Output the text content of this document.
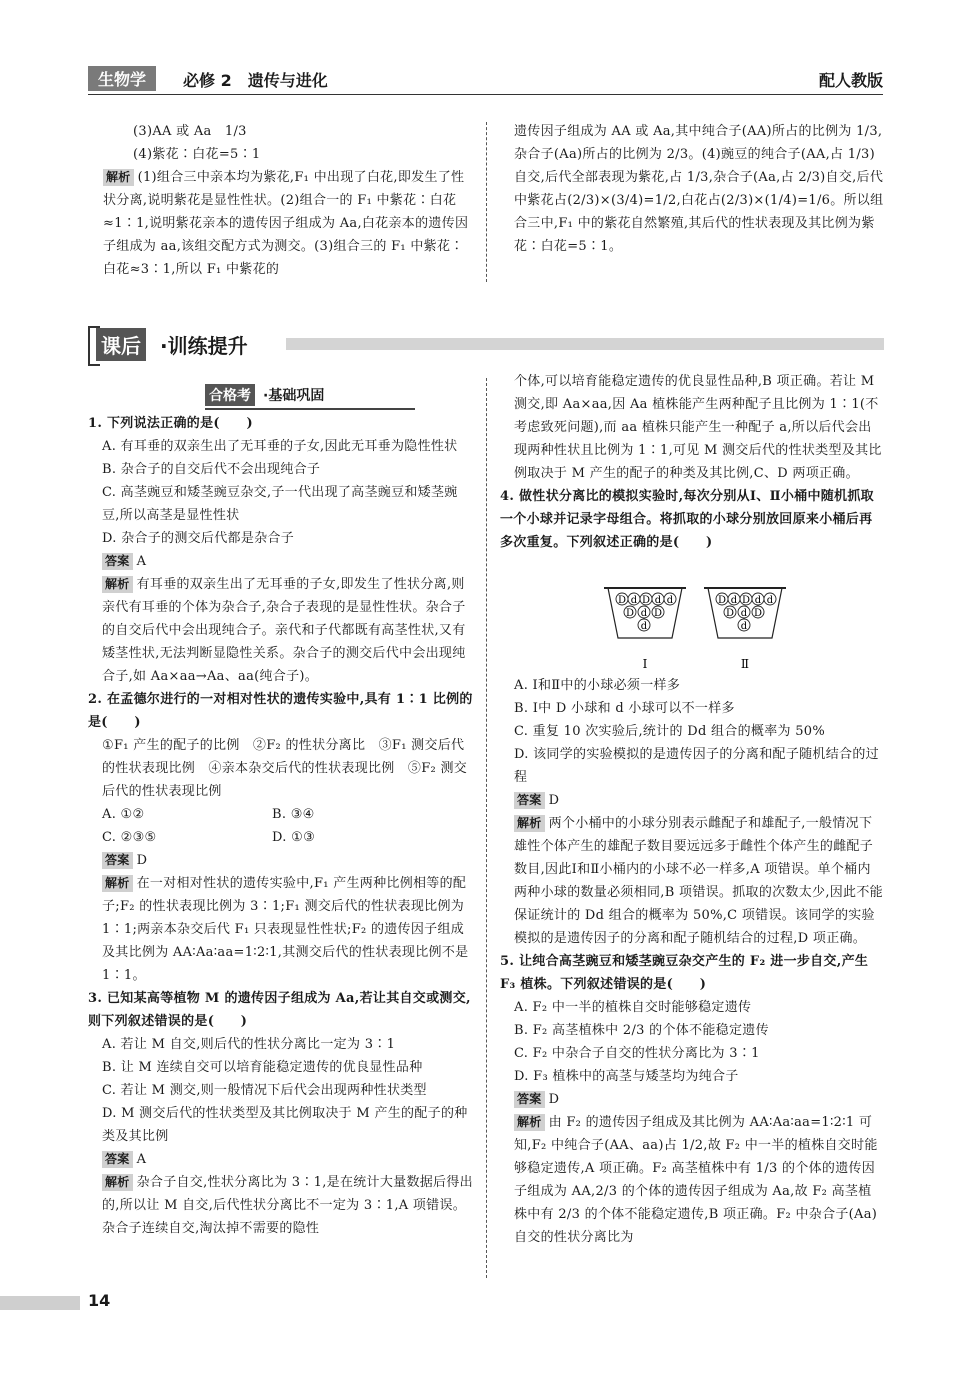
生物学	必修 2　遗传与进化	配人教版

(3)AA 或 Aa　1/3

(4)紫花∶白花=5∶1

解析 (1)组合三中亲本均为紫花,F₁ 中出现了白花,即发生了性状分离,说明紫花是显性性状。(2)组合一的 F₁ 中紫花∶白花≈1∶1,说明紫花亲本的遗传因子组成为 Aa,白花亲本的遗传因子组成为 aa,该组交配方式为测交。(3)组合三的 F₁ 中紫花∶白花≈3∶1,所以 F₁ 中紫花的

遗传因子组成为 AA 或 Aa,其中纯合子(AA)所占的比例为 1/3,杂合子(Aa)所占的比例为 2/3。(4)豌豆的纯合子(AA,占 1/3)自交,后代全部表现为紫花,占 1/3,杂合子(Aa,占 2/3)自交,后代中紫花占(2/3)×(3/4)=1/2,白花占(2/3)×(1/4)=1/6。所以组合三中,F₁ 中的紫花自然繁殖,其后代的性状表现及其比例为紫花∶白花=5∶1。

课后 ·训练提升
合格考 ·基础巩固

1. 下列说法正确的是(　　)

A. 有耳垂的双亲生出了无耳垂的子女,因此无耳垂为隐性性状

B. 杂合子的自交后代不会出现纯合子

C. 高茎豌豆和矮茎豌豆杂交,子一代出现了高茎豌豆和矮茎豌豆,所以高茎是显性性状

D. 杂合子的测交后代都是杂合子

答案 A

解析 有耳垂的双亲生出了无耳垂的子女,即发生了性状分离,则亲代有耳垂的个体为杂合子,杂合子表现的是显性性状。杂合子的自交后代中会出现纯合子。亲代和子代都既有高茎性状,又有矮茎性状,无法判断显隐性关系。杂合子的测交后代中会出现纯合子,如 Aa×aa→Aa、aa(纯合子)。

2. 在孟德尔进行的一对相对性状的遗传实验中,具有 1∶1 比例的是(　　)

①F₁ 产生的配子的比例　②F₂ 的性状分离比　③F₁ 测交后代的性状表现比例　④亲本杂交后代的性状表现比例　⑤F₂ 测交后代的性状表现比例

A. ①②	B. ③④
C. ②③⑤	D. ①③

答案 D

解析 在一对相对性状的遗传实验中,F₁ 产生两种比例相等的配子;F₂ 的性状表现比例为 3∶1;F₁ 测交后代的性状表现比例为 1∶1;两亲本杂交后代 F₁ 只表现显性性状;F₂ 的遗传因子组成及其比例为 AA∶Aa∶aa=1∶2∶1,其测交后代的性状表现比例不是 1∶1。

3. 已知某高等植物 M 的遗传因子组成为 Aa,若让其自交或测交,则下列叙述错误的是(　　)

A. 若让 M 自交,则后代的性状分离比一定为 3∶1

B. 让 M 连续自交可以培育能稳定遗传的优良显性品种

C. 若让 M 测交,则一般情况下后代会出现两种性状类型

D. M 测交后代的性状类型及其比例取决于 M 产生的配子的种类及其比例

答案 A

解析 杂合子自交,性状分离比为 3∶1,是在统计大量数据后得出的,所以让 M 自交,后代性状分离比不一定为 3∶1,A 项错误。杂合子连续自交,淘汰掉不需要的隐性

个体,可以培育能稳定遗传的优良显性品种,B 项正确。若让 M 测交,即 Aa×aa,因 Aa 植株能产生两种配子且比例为 1∶1(不考虑致死问题),而 aa 植株只能产生一种配子 a,所以后代会出现两种性状且比例为 1∶1,可见 M 测交后代的性状类型及其比例取决于 M 产生的配子的种类及其比例,C、D 两项正确。

4. 做性状分离比的模拟实验时,每次分别从Ⅰ、Ⅱ小桶中随机抓取一个小球并记录字母组合。将抓取的小球分别放回原来小桶后再多次重复。下列叙述正确的是(　　)

A. Ⅰ和Ⅱ中的小球必须一样多

B. Ⅰ中 D 小球和 d 小球可以不一样多

C. 重复 10 次实验后,统计的 Dd 组合的概率为 50%

D. 该同学的实验模拟的是遗传因子的分离和配子随机结合的过程

答案 D

解析 两个小桶中的小球分别表示雌配子和雄配子,一般情况下雄性个体产生的雄配子数目要远远多于雌性个体产生的雌配子数目,因此Ⅰ和Ⅱ小桶内的小球不必一样多,A 项错误。单个桶内两种小球的数量必须相同,B 项错误。抓取的次数太少,因此不能保证统计的 Dd 组合的概率为 50%,C 项错误。该同学的实验模拟的是遗传因子的分离和配子随机结合的过程,D 项正确。

5. 让纯合高茎豌豆和矮茎豌豆杂交产生的 F₂ 进一步自交,产生 F₃ 植株。下列叙述错误的是(　　)

A. F₂ 中一半的植株自交时能够稳定遗传

B. F₂ 高茎植株中 2/3 的个体不能稳定遗传

C. F₂ 中杂合子自交的性状分离比为 3∶1

D. F₃ 植株中的高茎与矮茎均为纯合子

答案 D

解析 由 F₂ 的遗传因子组成及其比例为 AA∶Aa∶aa=1∶2∶1 可知,F₂ 中纯合子(AA、aa)占 1/2,故 F₂ 中一半的植株自交时能够稳定遗传,A 项正确。F₂ 高茎植株中有 1/3 的个体的遗传因子组成为 AA,2/3 的个体的遗传因子组成为 Aa,故 F₂ 高茎植株中有 2/3 的个体不能稳定遗传,B 项正确。F₂ 中杂合子(Aa)自交的性状分离比为

D d D d d
D d D
d
Ⅰ
D d D d d
D d D
d
Ⅱ
14
